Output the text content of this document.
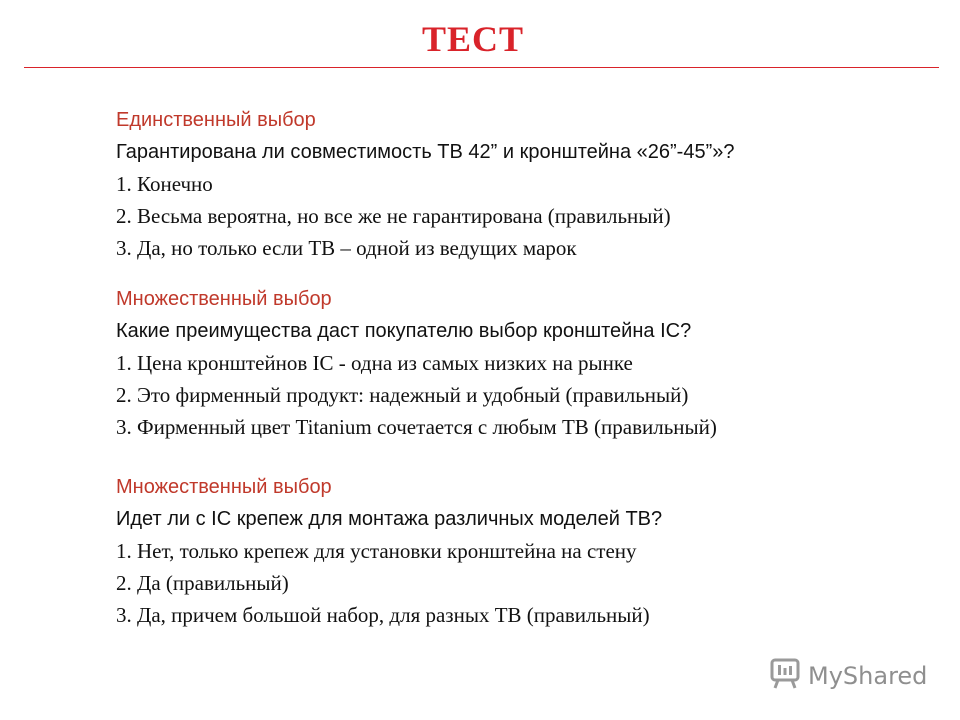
ТЕСТ
Единственный выбор
Гарантирована ли совместимость ТВ 42” и кронштейна «26”-45”»?
1. Конечно
2. Весьма вероятна, но все же не гарантирована (правильный)
3. Да, но только если ТВ – одной из ведущих марок
Множественный выбор
Какие преимущества даст покупателю выбор кронштейна IC?
1. Цена кронштейнов IC - одна из самых низких на рынке
2. Это фирменный продукт: надежный и удобный (правильный)
3. Фирменный цвет Titanium сочетается с любым ТВ (правильный)
Множественный выбор
Идет ли с IC крепеж для монтажа различных моделей ТВ?
1. Нет, только крепеж для установки кронштейна на стену
2. Да (правильный)
3. Да, причем большой набор, для разных ТВ (правильный)
MyShared
